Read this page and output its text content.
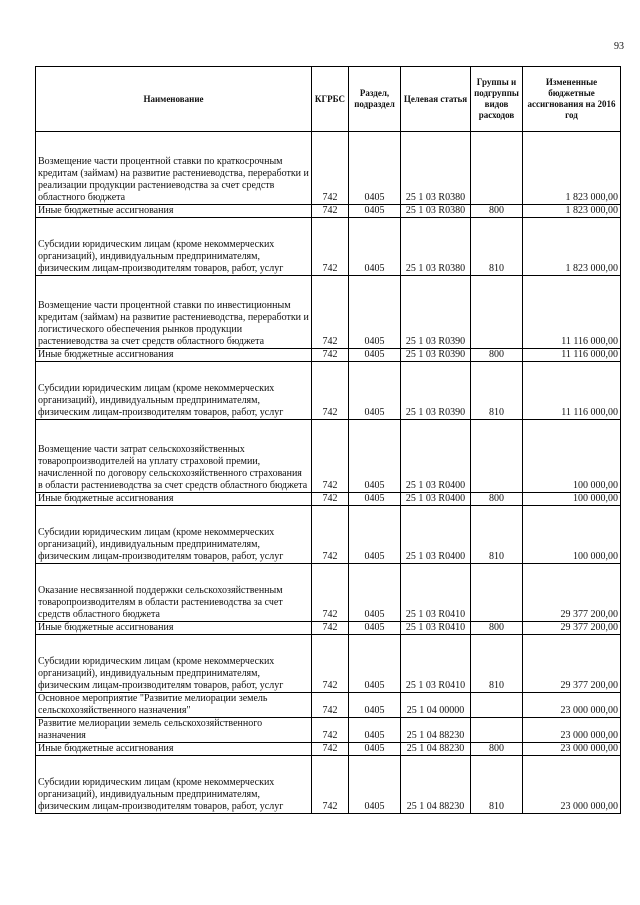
93
Наименование	КГРБС	Раздел, подраздел	Целевая статья	Группы и подгруппы видов расходов	Измененные бюджетные ассигнования на 2016 год
Возмещение части процентной ставки по краткосрочным кредитам (займам) на развитие растениеводства, переработки и реализации продукции растениеводства за счет средств областного бюджета	742	0405	25 1 03 R0380		1 823 000,00
Иные бюджетные ассигнования	742	0405	25 1 03 R0380	800	1 823 000,00
Субсидии юридическим лицам (кроме некоммерческих организаций), индивидуальным предпринимателям, физическим лицам-производителям товаров, работ, услуг	742	0405	25 1 03 R0380	810	1 823 000,00
Возмещение части процентной ставки по инвестиционным кредитам (займам) на развитие растениеводства, переработки и логистического обеспечения рынков продукции растениеводства за счет средств областного бюджета	742	0405	25 1 03 R0390		11 116 000,00
Иные бюджетные ассигнования	742	0405	25 1 03 R0390	800	11 116 000,00
Субсидии юридическим лицам (кроме некоммерческих организаций), индивидуальным предпринимателям, физическим лицам-производителям товаров, работ, услуг	742	0405	25 1 03 R0390	810	11 116 000,00
Возмещение части затрат сельскохозяйственных товаропроизводителей на уплату страховой премии, начисленной по договору сельскохозяйственного страхования в области растениеводства за счет средств областного бюджета	742	0405	25 1 03 R0400		100 000,00
Иные бюджетные ассигнования	742	0405	25 1 03 R0400	800	100 000,00
Субсидии юридическим лицам (кроме некоммерческих организаций), индивидуальным предпринимателям, физическим лицам-производителям товаров, работ, услуг	742	0405	25 1 03 R0400	810	100 000,00
Оказание несвязанной поддержки сельскохозяйственным товаропроизводителям в области растениеводства за счет средств областного бюджета	742	0405	25 1 03 R0410		29 377 200,00
Иные бюджетные ассигнования	742	0405	25 1 03 R0410	800	29 377 200,00
Субсидии юридическим лицам (кроме некоммерческих организаций), индивидуальным предпринимателям, физическим лицам-производителям товаров, работ, услуг	742	0405	25 1 03 R0410	810	29 377 200,00
Основное мероприятие "Развитие мелиорации земель сельскохозяйственного назначения"	742	0405	25 1 04 00000		23 000 000,00
Развитие мелиорации земель сельскохозяйственного назначения	742	0405	25 1 04 88230		23 000 000,00
Иные бюджетные ассигнования	742	0405	25 1 04 88230	800	23 000 000,00
Субсидии юридическим лицам (кроме некоммерческих организаций), индивидуальным предпринимателям, физическим лицам-производителям товаров, работ, услуг	742	0405	25 1 04 88230	810	23 000 000,00
